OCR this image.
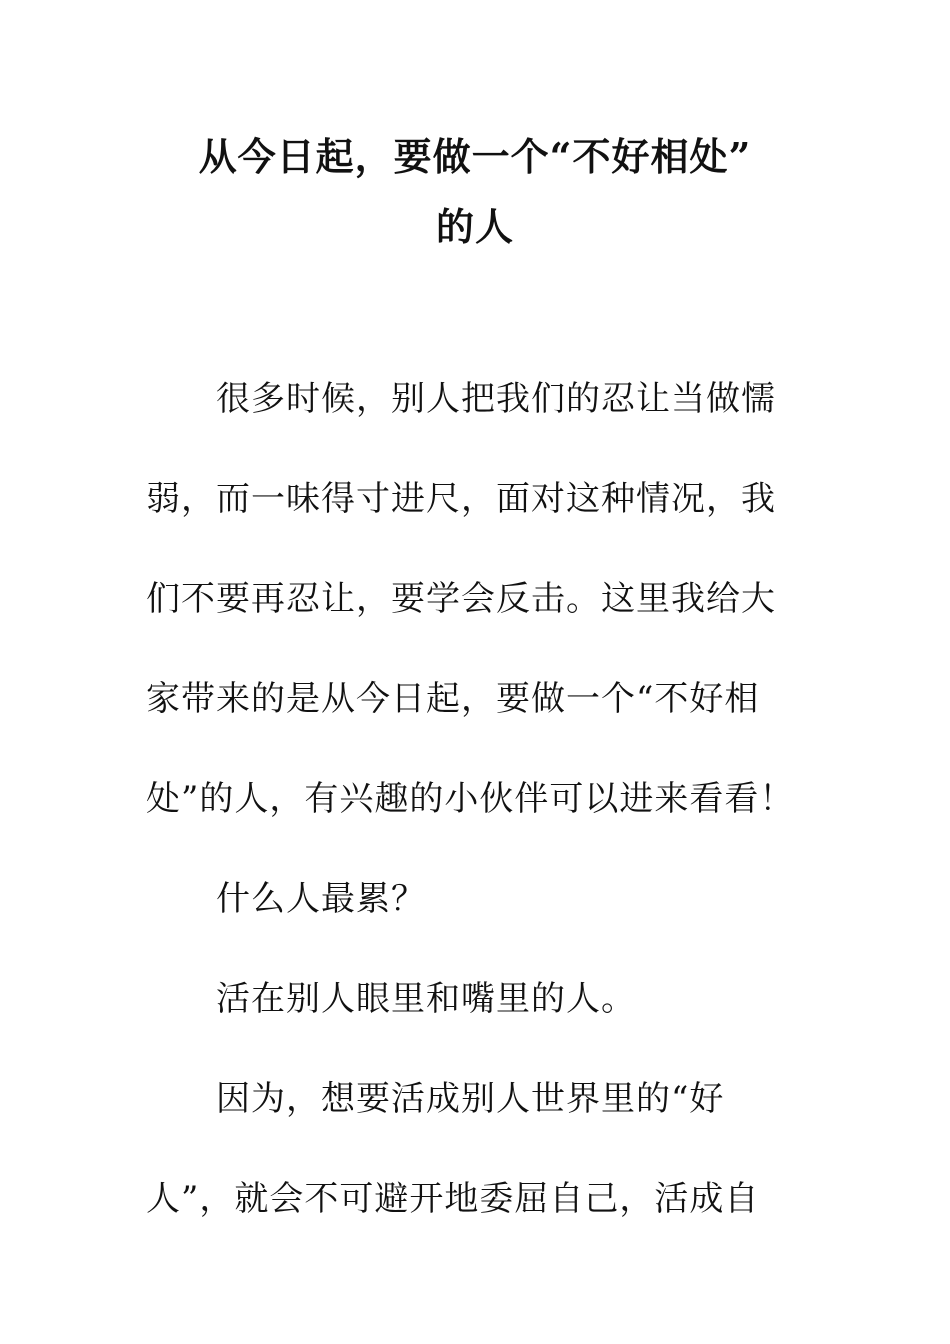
从今日起，要做一个“不好相处”
的人
很多时候，别人把我们的忍让当做懦
弱，而一味得寸进尺，面对这种情况，我
们不要再忍让，要学会反击。这里我给大
家带来的是从今日起，要做一个“不好相
处”的人，有兴趣的小伙伴可以进来看看！
什么人最累？
活在别人眼里和嘴里的人。
因为，想要活成别人世界里的“好
人”，就会不可避开地委屈自己，活成自
